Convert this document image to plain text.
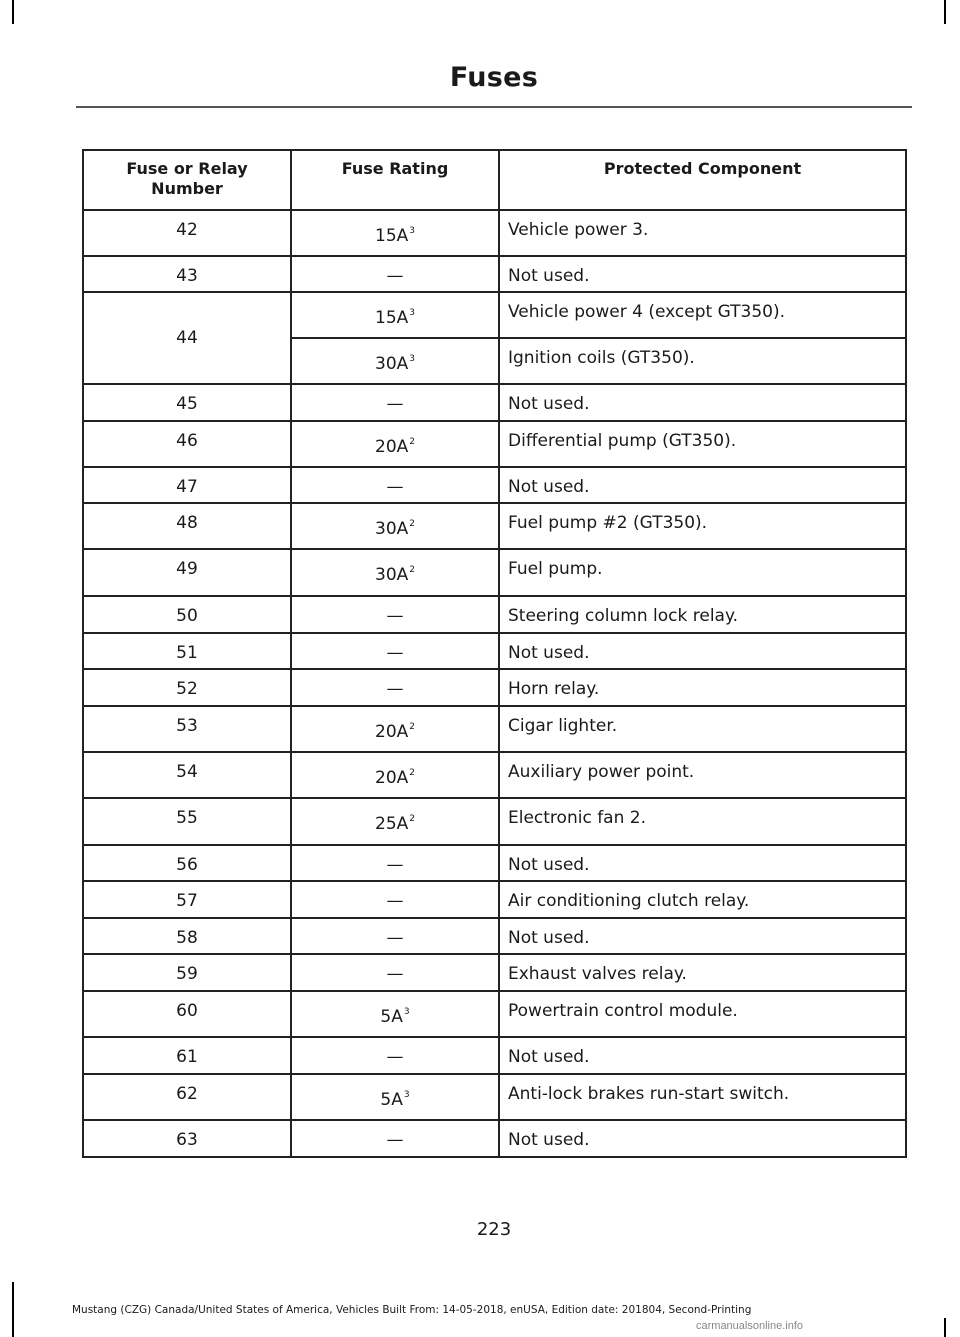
Fuses
Fuse or Relay Number	Fuse Rating	Protected Component
42	$15A^3$	Vehicle power 3.
43	—	Not used.
44	$15A^3$	Vehicle power 4 (except GT350).
	$30A^3$	Ignition coils (GT350).
45	—	Not used.
46	$20A^2$	Differential pump (GT350).
47	—	Not used.
48	$30A^2$	Fuel pump #2 (GT350).
49	$30A^2$	Fuel pump.
50	—	Steering column lock relay.
51	—	Not used.
52	—	Horn relay.
53	$20A^2$	Cigar lighter.
54	$20A^2$	Auxiliary power point.
55	$25A^2$	Electronic fan 2.
56	—	Not used.
57	—	Air conditioning clutch relay.
58	—	Not used.
59	—	Exhaust valves relay.
60	$5A^3$	Powertrain control module.
61	—	Not used.
62	$5A^3$	Anti-lock brakes run-start switch.
63	—	Not used.
223
Mustang (CZG) Canada/United States of America, Vehicles Built From: 14-05-2018, enUSA, Edition date: 201804, Second-Printing
carmanualsonline.info
